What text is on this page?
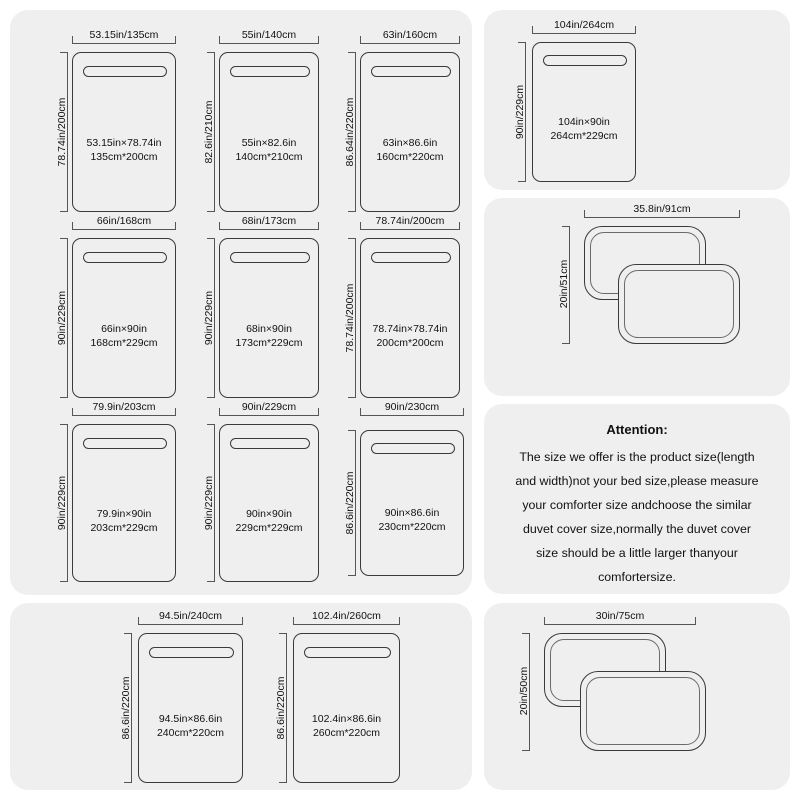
53.15in/135cm
78.74in/200cm	53.15in×78.74in
135cm*200cm
55in/140cm
82.6in/210cm	55in×82.6in
140cm*210cm
63in/160cm
86.64in/220cm	63in×86.6in
160cm*220cm
66in/168cm
90in/229cm	66in×90in
168cm*229cm
68in/173cm
90in/229cm	68in×90in
173cm*229cm
78.74in/200cm
78.74in/200cm	78.74in×78.74in
200cm*200cm
79.9in/203cm
90in/229cm	79.9in×90in
203cm*229cm
90in/229cm
90in/229cm	90in×90in
229cm*229cm
90in/230cm
86.6in/220cm	90in×86.6in
230cm*220cm
104in/264cm
90in/229cm	104in×90in
264cm*229cm
35.8in/91cm
20in/51cm
Attention:
The size we offer is the product size(length
and width)not your bed size,please measure
your comforter size andchoose the similar
duvet cover size,normally the duvet cover
size should be a little larger thanyour
comfortersize.
94.5in/240cm
86.6in/220cm	94.5in×86.6in
240cm*220cm
102.4in/260cm
86.6in/220cm	102.4in×86.6in
260cm*220cm
30in/75cm
20in/50cm
